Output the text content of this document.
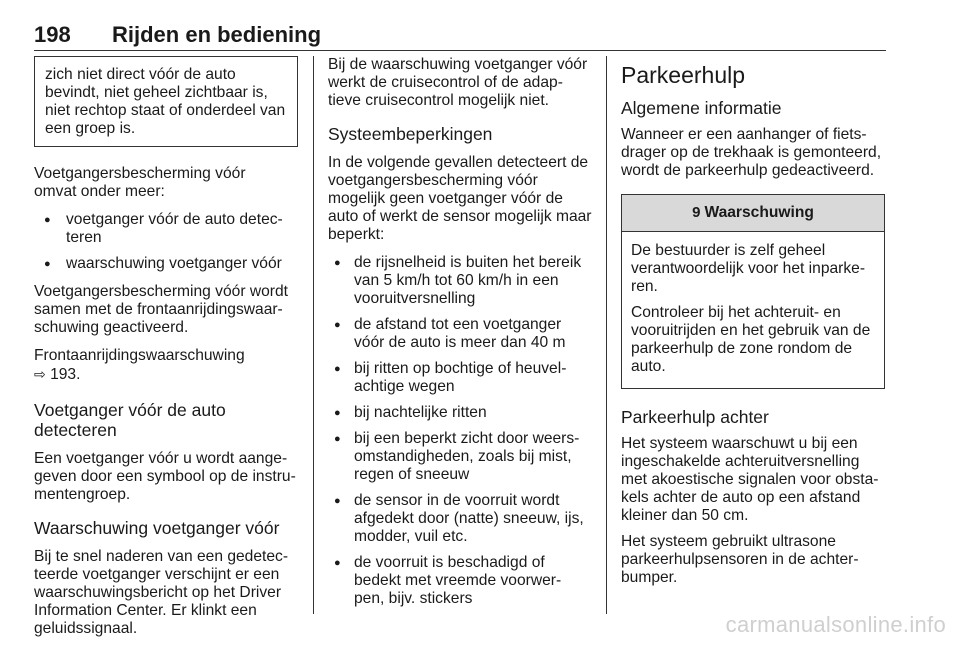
198 Rijden en bediening
zich niet direct vóór de auto
bevindt, niet geheel zichtbaar is,
niet rechtop staat of onderdeel van
een groep is.

Voetgangersbescherming vóór
omvat onder meer:

● voetganger vóór de auto detec-
teren
● waarschuwing voetganger vóór

Voetgangersbescherming vóór wordt
samen met de frontaanrijdingswaar-
schuwing geactiveerd.

Frontaanrijdingswaarschuwing
⇨ 193.

Voetganger vóór de auto
detecteren

Een voetganger vóór u wordt aange-
geven door een symbool op de instru-
mentengroep.

Waarschuwing voetganger vóór

Bij te snel naderen van een gedetec-
teerde voetganger verschijnt er een
waarschuwingsbericht op het Driver
Information Center. Er klinkt een
geluidssignaal.

Bij de waarschuwing voetganger vóór
werkt de cruisecontrol of de adap-
tieve cruisecontrol mogelijk niet.

Systeembeperkingen

In de volgende gevallen detecteert de
voetgangersbescherming vóór
mogelijk geen voetganger vóór de
auto of werkt de sensor mogelijk maar
beperkt:

● de rijsnelheid is buiten het bereik
van 5 km/h tot 60 km/h in een
vooruitversnelling
● de afstand tot een voetganger
vóór de auto is meer dan 40 m
● bij ritten op bochtige of heuvel-
achtige wegen
● bij nachtelijke ritten
● bij een beperkt zicht door weers-
omstandigheden, zoals bij mist,
regen of sneeuw
● de sensor in de voorruit wordt
afgedekt door (natte) sneeuw, ijs,
modder, vuil etc.
● de voorruit is beschadigd of
bedekt met vreemde voorwer-
pen, bijv. stickers
Parkeerhulp
Algemene informatie

Wanneer er een aanhanger of fiets-
drager op de trekhaak is gemonteerd,
wordt de parkeerhulp gedeactiveerd.

9 Waarschuwing

De bestuurder is zelf geheel
verantwoordelijk voor het inparke-
ren.

Controleer bij het achteruit- en
vooruitrijden en het gebruik van de
parkeerhulp de zone rondom de
auto.

Parkeerhulp achter

Het systeem waarschuwt u bij een
ingeschakelde achteruitversnelling
met akoestische signalen voor obsta-
kels achter de auto op een afstand
kleiner dan 50 cm.

Het systeem gebruikt ultrasone
parkeerhulpsensoren in de achter-
bumper.

carmanualsonline.info
